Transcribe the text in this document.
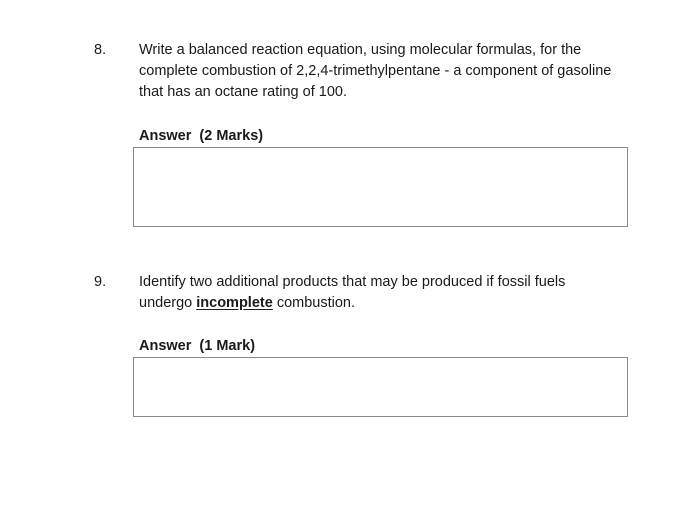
8. Write a balanced reaction equation, using molecular formulas, for the complete combustion of 2,2,4-trimethylpentane - a component of gasoline that has an octane rating of 100.
Answer  (2 Marks)
9. Identify two additional products that may be produced if fossil fuels undergo incomplete combustion.
Answer  (1 Mark)
